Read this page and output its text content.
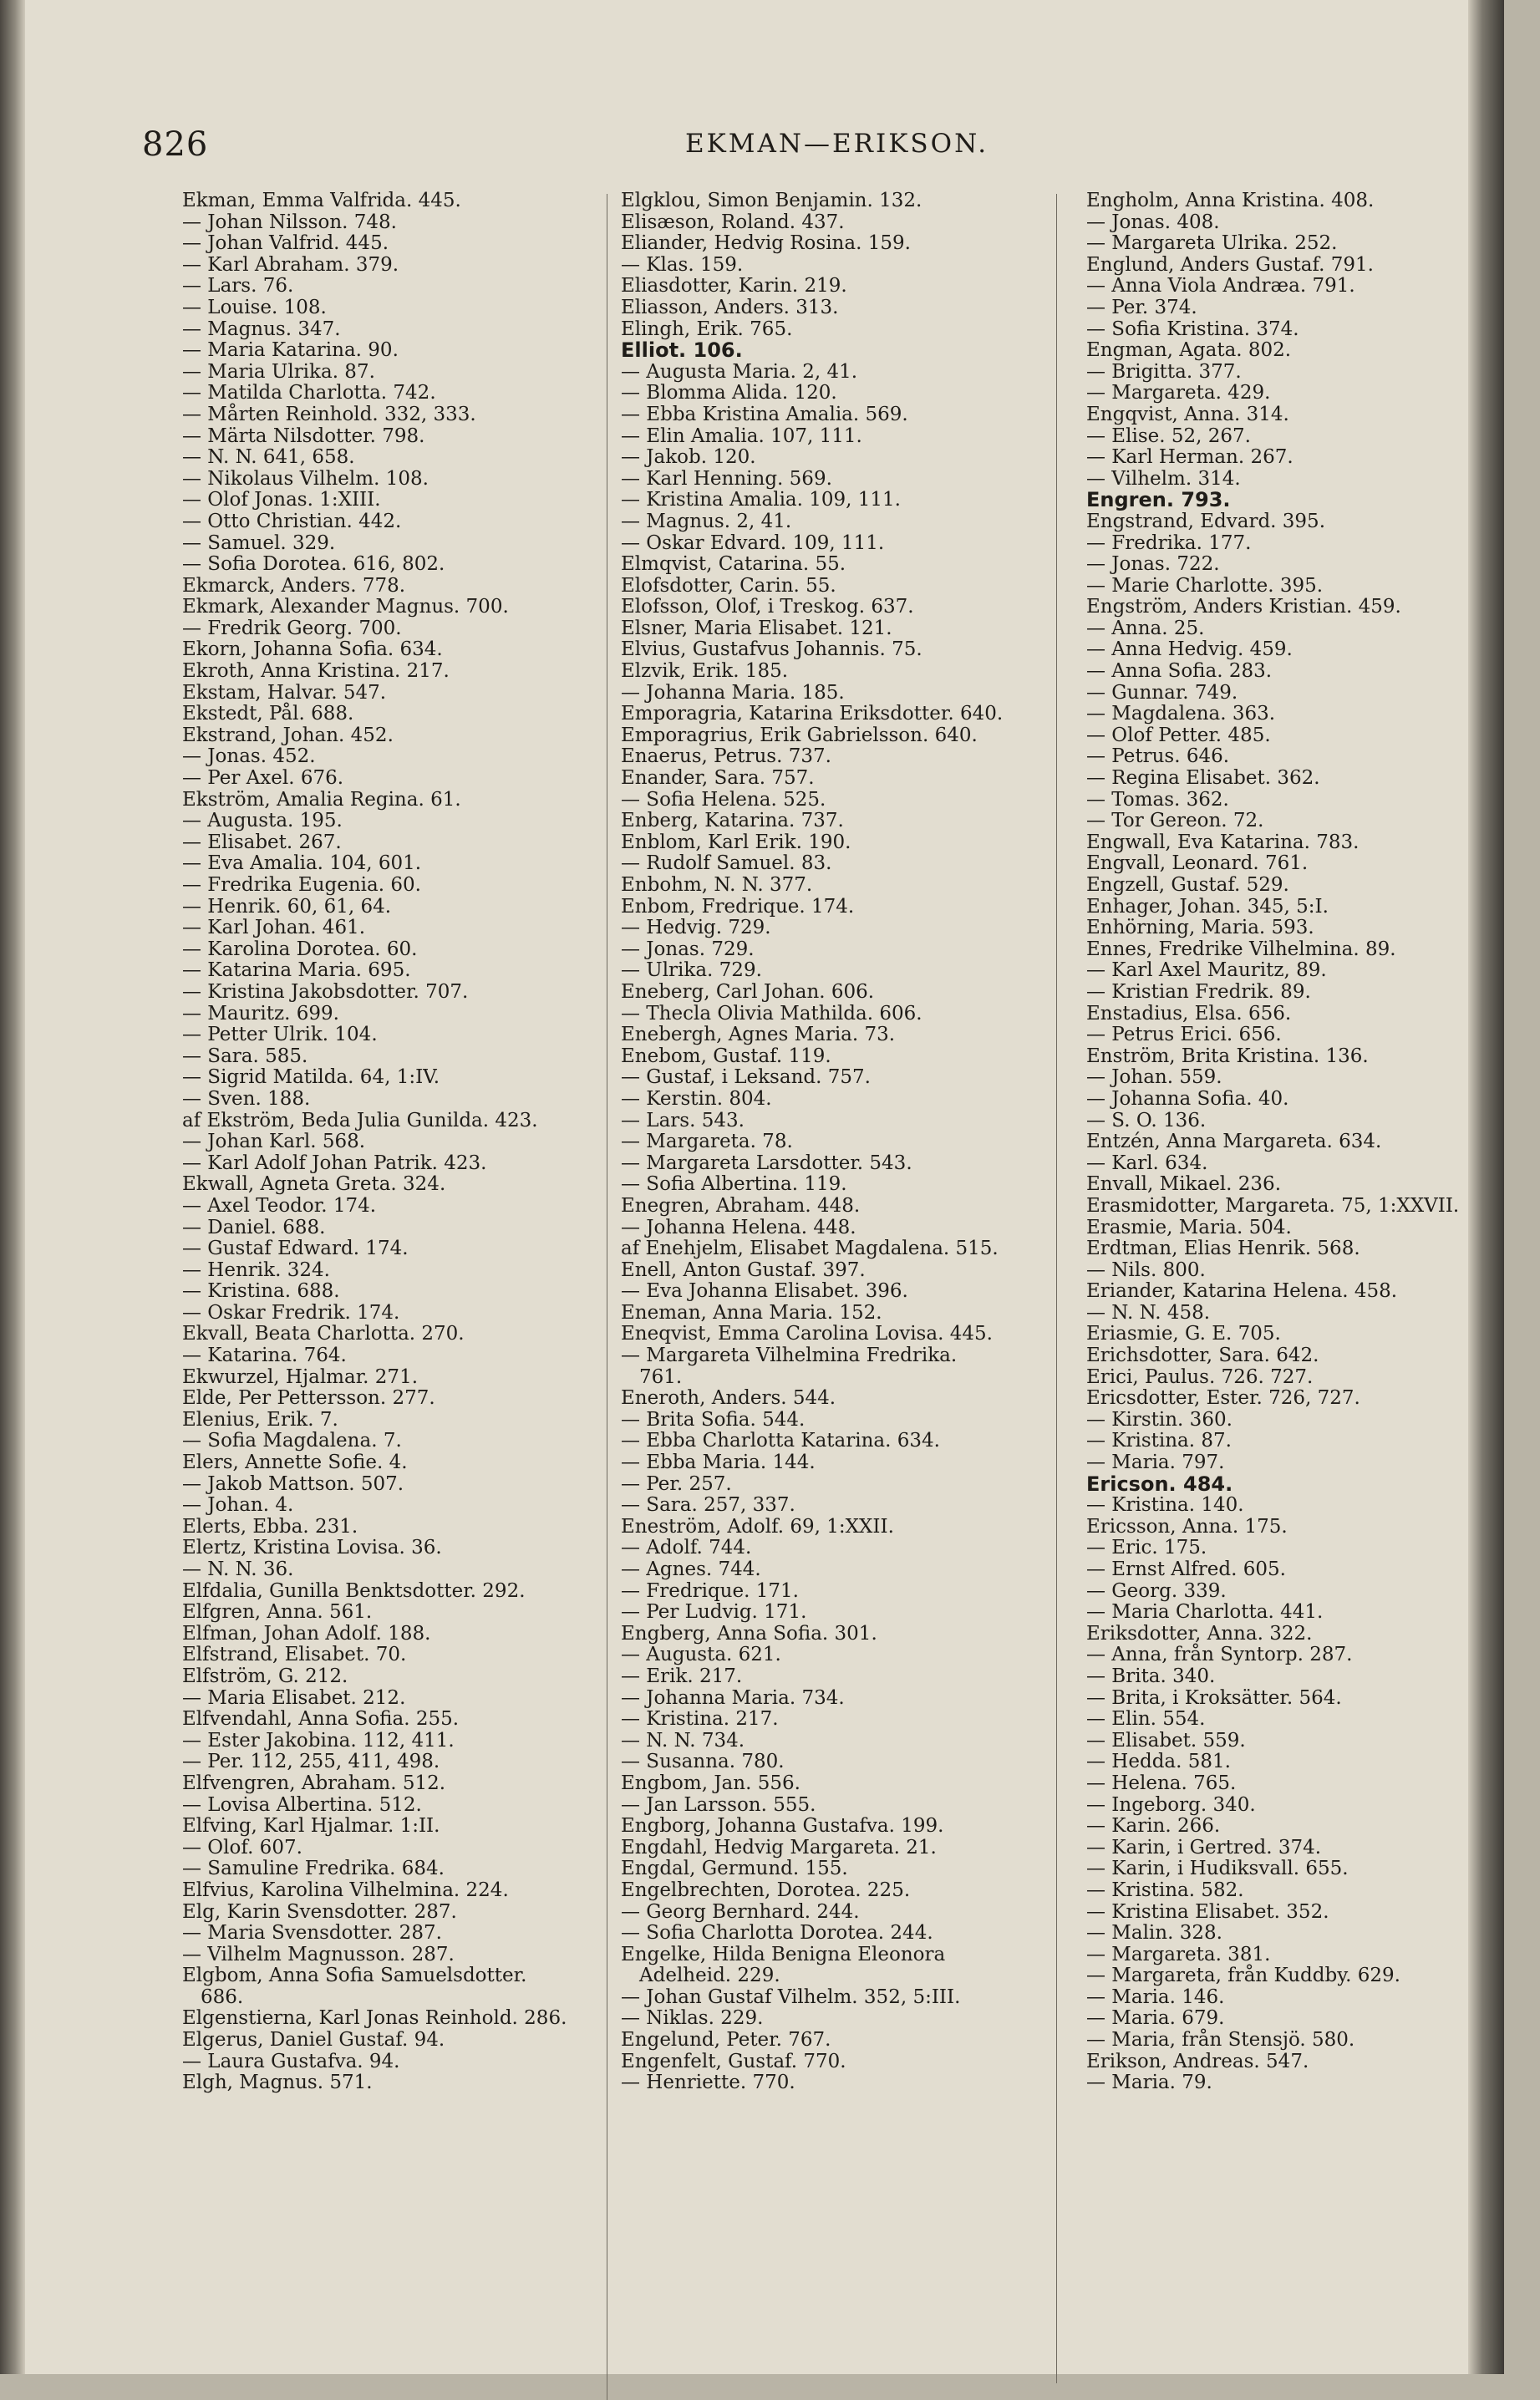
826	EKMAN—ERIKSON.
Ekman, Emma Valfrida. 445.
— Johan Nilsson. 748.
— Johan Valfrid. 445.
— Karl Abraham. 379.
— Lars. 76.
— Louise. 108.
— Magnus. 347.
— Maria Katarina. 90.
— Maria Ulrika. 87.
— Matilda Charlotta. 742.
— Mårten Reinhold. 332, 333.
— Märta Nilsdotter. 798.
— N. N. 641, 658.
— Nikolaus Vilhelm. 108.
— Olof Jonas. 1:XIII.
— Otto Christian. 442.
— Samuel. 329.
— Sofia Dorotea. 616, 802.
Ekmarck, Anders. 778.
Ekmark, Alexander Magnus. 700.
— Fredrik Georg. 700.
Ekorn, Johanna Sofia. 634.
Ekroth, Anna Kristina. 217.
Ekstam, Halvar. 547.
Ekstedt, Pål. 688.
Ekstrand, Johan. 452.
— Jonas. 452.
— Per Axel. 676.
Ekström, Amalia Regina. 61.
— Augusta. 195.
— Elisabet. 267.
— Eva Amalia. 104, 601.
— Fredrika Eugenia. 60.
— Henrik. 60, 61, 64.
— Karl Johan. 461.
— Karolina Dorotea. 60.
— Katarina Maria. 695.
— Kristina Jakobsdotter. 707.
— Mauritz. 699.
— Petter Ulrik. 104.
— Sara. 585.
— Sigrid Matilda. 64, 1:IV.
— Sven. 188.
af Ekström, Beda Julia Gunilda. 423.
— Johan Karl. 568.
— Karl Adolf Johan Patrik. 423.
Ekwall, Agneta Greta. 324.
— Axel Teodor. 174.
— Daniel. 688.
— Gustaf Edward. 174.
— Henrik. 324.
— Kristina. 688.
— Oskar Fredrik. 174.
Ekvall, Beata Charlotta. 270.
— Katarina. 764.
Ekwurzel, Hjalmar. 271.
Elde, Per Pettersson. 277.
Elenius, Erik. 7.
— Sofia Magdalena. 7.
Elers, Annette Sofie. 4.
— Jakob Mattson. 507.
— Johan. 4.
Elerts, Ebba. 231.
Elertz, Kristina Lovisa. 36.
— N. N. 36.
Elfdalia, Gunilla Benktsdotter. 292.
Elfgren, Anna. 561.
Elfman, Johan Adolf. 188.
Elfstrand, Elisabet. 70.
Elfström, G. 212.
— Maria Elisabet. 212.
Elfvendahl, Anna Sofia. 255.
— Ester Jakobina. 112, 411.
— Per. 112, 255, 411, 498.
Elfvengren, Abraham. 512.
— Lovisa Albertina. 512.
Elfving, Karl Hjalmar. 1:II.
— Olof. 607.
— Samuline Fredrika. 684.
Elfvius, Karolina Vilhelmina. 224.
Elg, Karin Svensdotter. 287.
— Maria Svensdotter. 287.
— Vilhelm Magnusson. 287.
Elgbom, Anna Sofia Samuelsdotter.
686.
Elgenstierna, Karl Jonas Reinhold. 286.
Elgerus, Daniel Gustaf. 94.
— Laura Gustafva. 94.
Elgh, Magnus. 571.
Elgklou, Simon Benjamin. 132.
Elisæson, Roland. 437.
Eliander, Hedvig Rosina. 159.
— Klas. 159.
Eliasdotter, Karin. 219.
Eliasson, Anders. 313.
Elingh, Erik. 765.
Elliot. 106.
— Augusta Maria. 2, 41.
— Blomma Alida. 120.
— Ebba Kristina Amalia. 569.
— Elin Amalia. 107, 111.
— Jakob. 120.
— Karl Henning. 569.
— Kristina Amalia. 109, 111.
— Magnus. 2, 41.
— Oskar Edvard. 109, 111.
Elmqvist, Catarina. 55.
Elofsdotter, Carin. 55.
Elofsson, Olof, i Treskog. 637.
Elsner, Maria Elisabet. 121.
Elvius, Gustafvus Johannis. 75.
Elzvik, Erik. 185.
— Johanna Maria. 185.
Emporagria, Katarina Eriksdotter. 640.
Emporagrius, Erik Gabrielsson. 640.
Enaerus, Petrus. 737.
Enander, Sara. 757.
— Sofia Helena. 525.
Enberg, Katarina. 737.
Enblom, Karl Erik. 190.
— Rudolf Samuel. 83.
Enbohm, N. N. 377.
Enbom, Fredrique. 174.
— Hedvig. 729.
— Jonas. 729.
— Ulrika. 729.
Eneberg, Carl Johan. 606.
— Thecla Olivia Mathilda. 606.
Enebergh, Agnes Maria. 73.
Enebom, Gustaf. 119.
— Gustaf, i Leksand. 757.
— Kerstin. 804.
— Lars. 543.
— Margareta. 78.
— Margareta Larsdotter. 543.
— Sofia Albertina. 119.
Enegren, Abraham. 448.
— Johanna Helena. 448.
af Enehjelm, Elisabet Magdalena. 515.
Enell, Anton Gustaf. 397.
— Eva Johanna Elisabet. 396.
Eneman, Anna Maria. 152.
Eneqvist, Emma Carolina Lovisa. 445.
— Margareta Vilhelmina Fredrika.
761.
Eneroth, Anders. 544.
— Brita Sofia. 544.
— Ebba Charlotta Katarina. 634.
— Ebba Maria. 144.
— Per. 257.
— Sara. 257, 337.
Eneström, Adolf. 69, 1:XXII.
— Adolf. 744.
— Agnes. 744.
— Fredrique. 171.
— Per Ludvig. 171.
Engberg, Anna Sofia. 301.
— Augusta. 621.
— Erik. 217.
— Johanna Maria. 734.
— Kristina. 217.
— N. N. 734.
— Susanna. 780.
Engbom, Jan. 556.
— Jan Larsson. 555.
Engborg, Johanna Gustafva. 199.
Engdahl, Hedvig Margareta. 21.
Engdal, Germund. 155.
Engelbrechten, Dorotea. 225.
— Georg Bernhard. 244.
— Sofia Charlotta Dorotea. 244.
Engelke, Hilda Benigna Eleonora
Adelheid. 229.
— Johan Gustaf Vilhelm. 352, 5:III.
— Niklas. 229.
Engelund, Peter. 767.
Engenfelt, Gustaf. 770.
— Henriette. 770.
Engholm, Anna Kristina. 408.
— Jonas. 408.
— Margareta Ulrika. 252.
Englund, Anders Gustaf. 791.
— Anna Viola Andræa. 791.
— Per. 374.
— Sofia Kristina. 374.
Engman, Agata. 802.
— Brigitta. 377.
— Margareta. 429.
Engqvist, Anna. 314.
— Elise. 52, 267.
— Karl Herman. 267.
— Vilhelm. 314.
Engren. 793.
Engstrand, Edvard. 395.
— Fredrika. 177.
— Jonas. 722.
— Marie Charlotte. 395.
Engström, Anders Kristian. 459.
— Anna. 25.
— Anna Hedvig. 459.
— Anna Sofia. 283.
— Gunnar. 749.
— Magdalena. 363.
— Olof Petter. 485.
— Petrus. 646.
— Regina Elisabet. 362.
— Tomas. 362.
— Tor Gereon. 72.
Engwall, Eva Katarina. 783.
Engvall, Leonard. 761.
Engzell, Gustaf. 529.
Enhager, Johan. 345, 5:I.
Enhörning, Maria. 593.
Ennes, Fredrike Vilhelmina. 89.
— Karl Axel Mauritz, 89.
— Kristian Fredrik. 89.
Enstadius, Elsa. 656.
— Petrus Erici. 656.
Enström, Brita Kristina. 136.
— Johan. 559.
— Johanna Sofia. 40.
— S. O. 136.
Entzén, Anna Margareta. 634.
— Karl. 634.
Envall, Mikael. 236.
Erasmidotter, Margareta. 75, 1:XXVII.
Erasmie, Maria. 504.
Erdtman, Elias Henrik. 568.
— Nils. 800.
Eriander, Katarina Helena. 458.
— N. N. 458.
Eriasmie, G. E. 705.
Erichsdotter, Sara. 642.
Erici, Paulus. 726. 727.
Ericsdotter, Ester. 726, 727.
— Kirstin. 360.
— Kristina. 87.
— Maria. 797.
Ericson. 484.
— Kristina. 140.
Ericsson, Anna. 175.
— Eric. 175.
— Ernst Alfred. 605.
— Georg. 339.
— Maria Charlotta. 441.
Eriksdotter, Anna. 322.
— Anna, från Syntorp. 287.
— Brita. 340.
— Brita, i Kroksätter. 564.
— Elin. 554.
— Elisabet. 559.
— Hedda. 581.
— Helena. 765.
— Ingeborg. 340.
— Karin. 266.
— Karin, i Gertred. 374.
— Karin, i Hudiksvall. 655.
— Kristina. 582.
— Kristina Elisabet. 352.
— Malin. 328.
— Margareta. 381.
— Margareta, från Kuddby. 629.
— Maria. 146.
— Maria. 679.
— Maria, från Stensjö. 580.
Erikson, Andreas. 547.
— Maria. 79.
